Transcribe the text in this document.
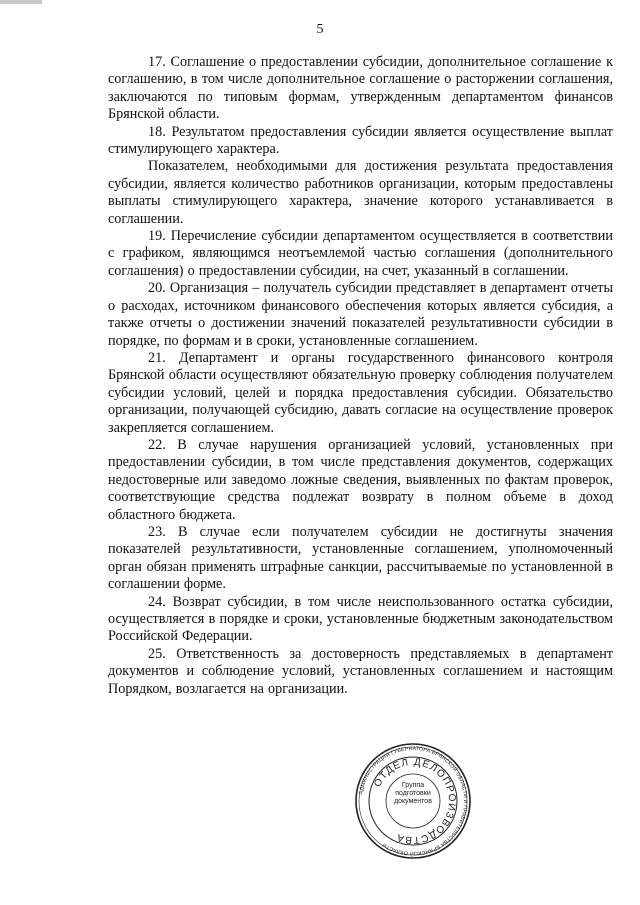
5

17. Соглашение о предоставлении субсидии, дополнительное соглашение к соглашению, в том числе дополнительное соглашение о расторжении соглашения, заключаются по типовым формам, утвержденным департаментом финансов Брянской области.

18. Результатом предоставления субсидии является осуществление выплат стимулирующего характера.

Показателем, необходимыми для достижения результата предоставления субсидии, является количество работников организации, которым предоставлены выплаты стимулирующего характера, значение которого устанавливается в соглашении.

19. Перечисление субсидии департаментом осуществляется в соответствии с графиком, являющимся неотъемлемой частью соглашения (дополнительного соглашения) о предоставлении субсидии, на счет, указанный в соглашении.

20. Организация – получатель субсидии представляет в департамент отчеты о расходах, источником финансового обеспечения которых является субсидия, а также отчеты о достижении значений показателей результативности субсидии в порядке, по формам и в сроки, установленные соглашением.

21. Департамент и органы государственного финансового контроля Брянской области осуществляют обязательную проверку соблюдения получателем субсидии условий, целей и порядка предоставления субсидии. Обязательство организации, получающей субсидию, давать согласие на осуществление проверок закрепляется соглашением.

22. В случае нарушения организацией условий, установленных при предоставлении субсидии, в том числе представления документов, содержащих недостоверные или заведомо ложные сведения, выявленных по фактам проверок, соответствующие средства подлежат возврату в полном объеме в доход областного бюджета.

23. В случае если получателем субсидии не достигнуты значения показателей результативности, установленные соглашением, уполномоченный орган обязан применять штрафные санкции, рассчитываемые по установленной в соглашении форме.

24. Возврат субсидии, в том числе неиспользованного остатка субсидии, осуществляется в порядке и сроки, установленные бюджетным законодательством Российской Федерации.

25. Ответственность за достоверность представляемых в департамент документов и соблюдение условий, установленных соглашением и настоящим Порядком, возлагается на организации.

АДМИНИСТРАЦИЯ ГУБЕРНАТОРА БРЯНСКОЙ ОБЛАСТИ И ПРАВИТЕЛЬСТВА БРЯНСКОЙ ОБЛАСТИ
ОТДЕЛ ДЕЛОПРОИЗВОДСТВА
Группа
подготовки
документов
